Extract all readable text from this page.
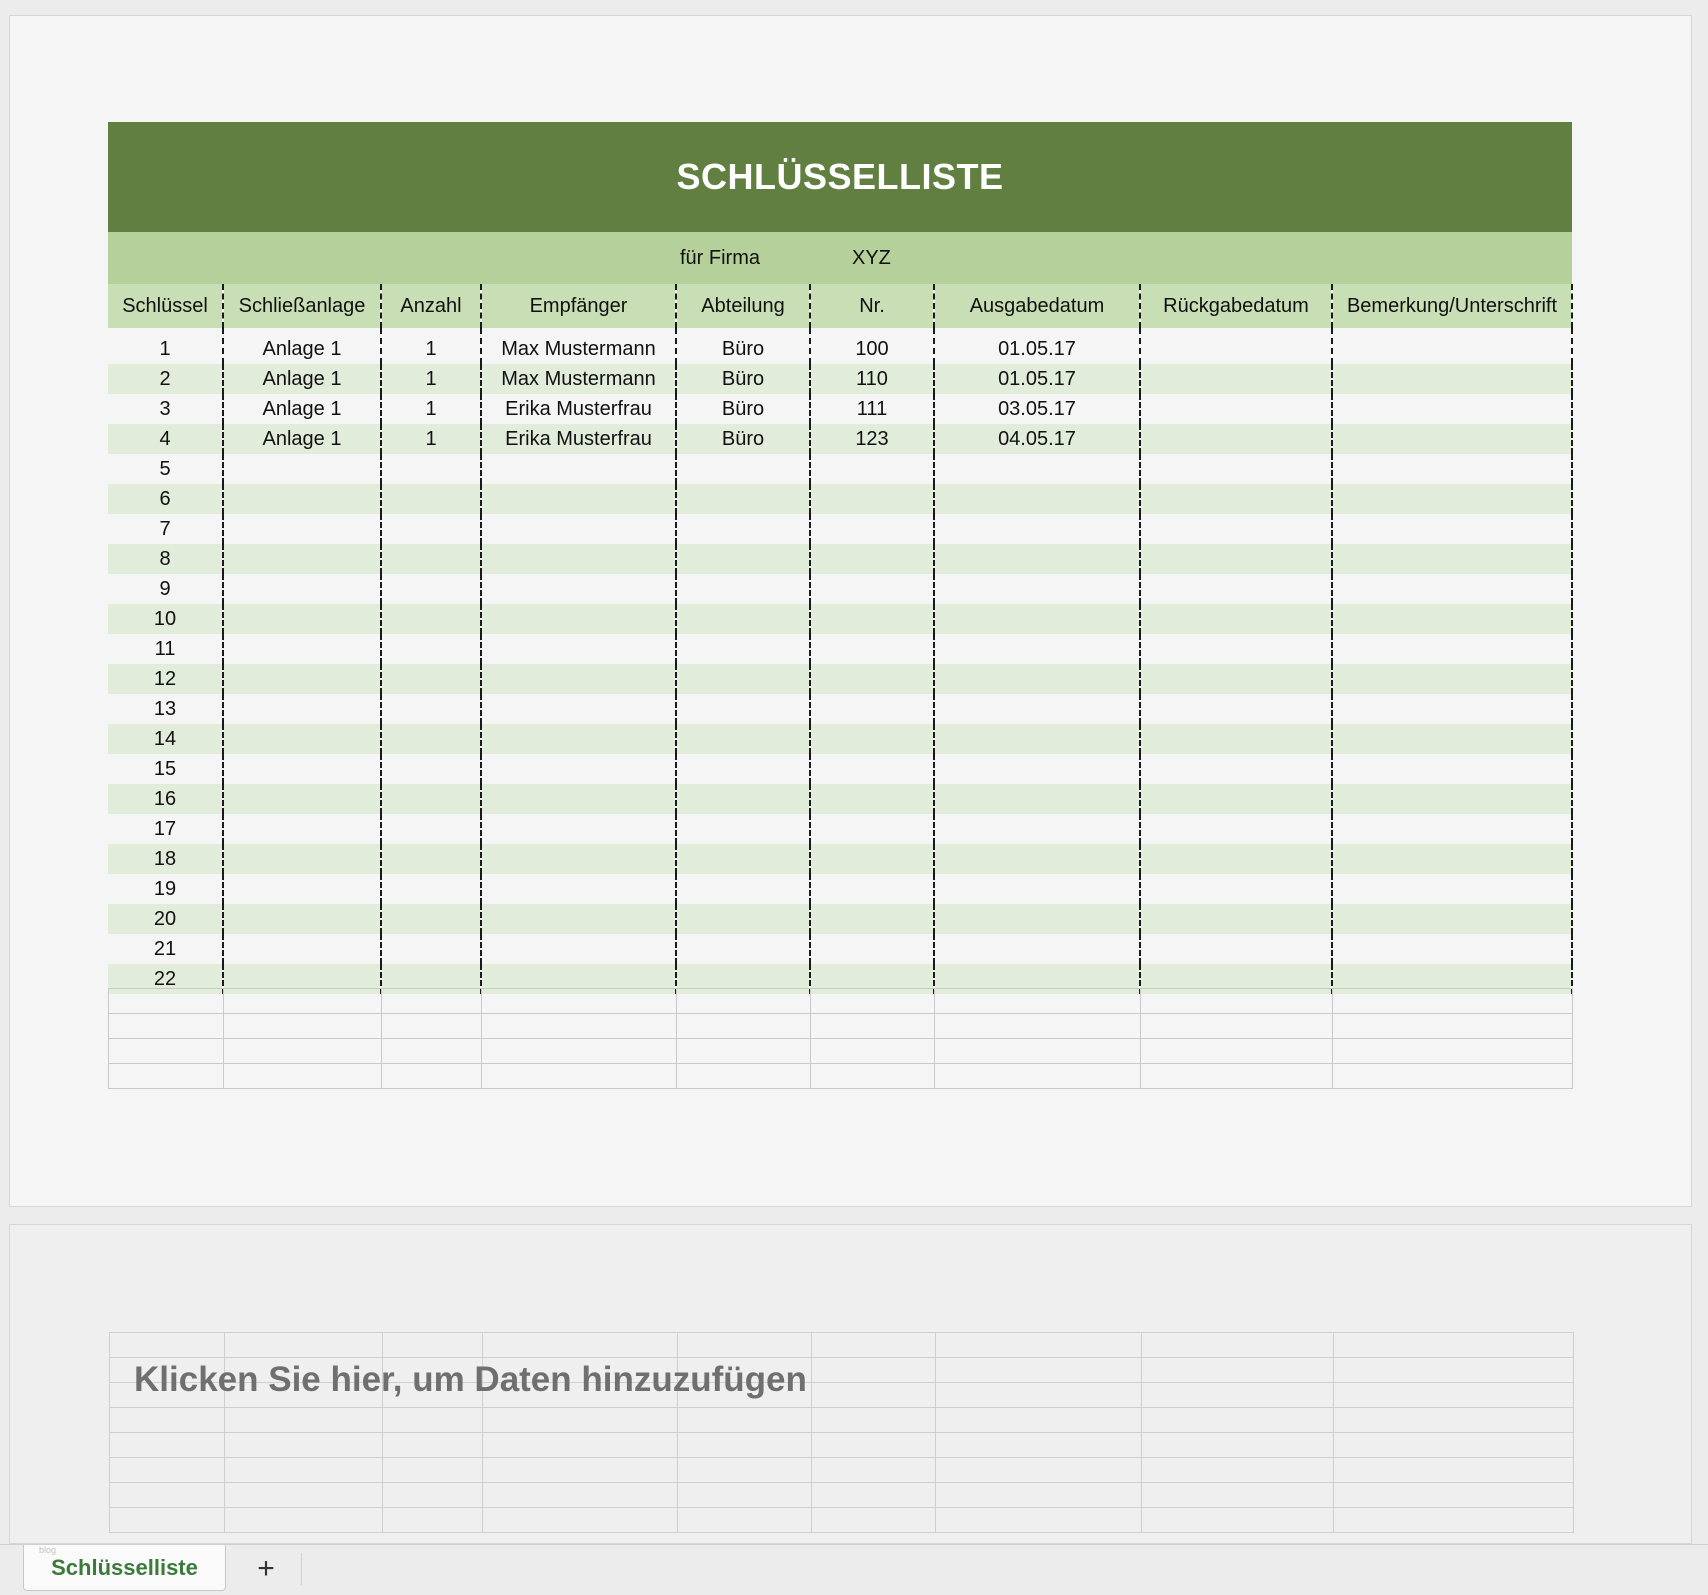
SCHLÜSSELLISTE
für Firma	XYZ
Schlüssel	Schließanlage	Anzahl	Empfänger	Abteilung	Nr.	Ausgabedatum	Rückgabedatum	Bemerkung/Unterschrift
1	Anlage 1	1	Max Mustermann	Büro	100	01.05.17		
2	Anlage 1	1	Max Mustermann	Büro	110	01.05.17		
3	Anlage 1	1	Erika Musterfrau	Büro	111	03.05.17		
4	Anlage 1	1	Erika Musterfrau	Büro	123	04.05.17		
5								
6								
7								
8								
9								
10								
11								
12								
13								
14								
15								
16								
17								
18								
19								
20								
21								
22								

Klicken Sie hier, um Daten hinzuzufügen
Schlüsselliste
blog
+
